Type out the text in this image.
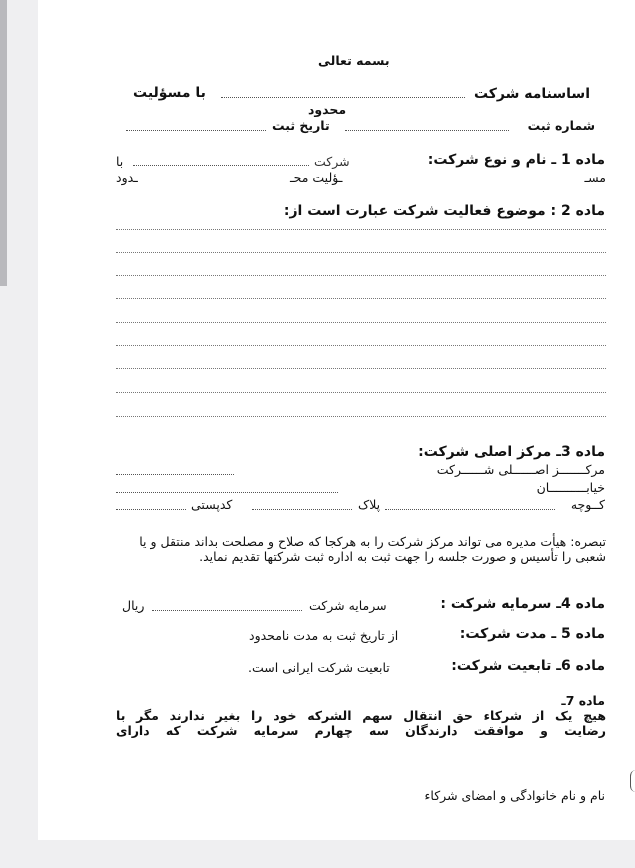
بسمه تعالی
اساسنامه شرکت
با مسؤلیت
محدود
شماره ثبت
تاریخ ثبت
ماده 1 ـ نام و نوع شرکت:
شرکت
با
مسـ
ـؤلیت محـ
ـدود
ماده 2 : موضوع فعالیت شرکت عبارت است از:
ماده 3ـ مرکز اصلی شرکت:
مرکـــــــز اصــــــلی شــــــرکت
خیابــــــــــان
کــوچه
پلاک
کدپستی
تبصره: هیأت مدیره می تواند مرکز شرکت را به هرکجا که صلاح و مصلحت بداند منتقل و یا شعبی را تأسیس و صورت جلسه را جهت ثبت به اداره ثبت شرکتها تقدیم نماید.
ماده 4ـ سرمایه شرکت :
سرمایه شرکت
ریال
ماده 5 ـ مدت شرکت:
از تاریخ ثبت به مدت نامحدود
ماده 6ـ تابعیت شرکت:
تابعیت شرکت ایرانی است.
ماده 7ـ
هیچ یک از شرکاء حق انتقال سهم الشرکه خود را بغیر ندارند مگر با
رضایت و موافقت دارندگان سه چهارم سرمایه شرکت که دارای
نام و نام خانوادگی و امضای شرکاء
